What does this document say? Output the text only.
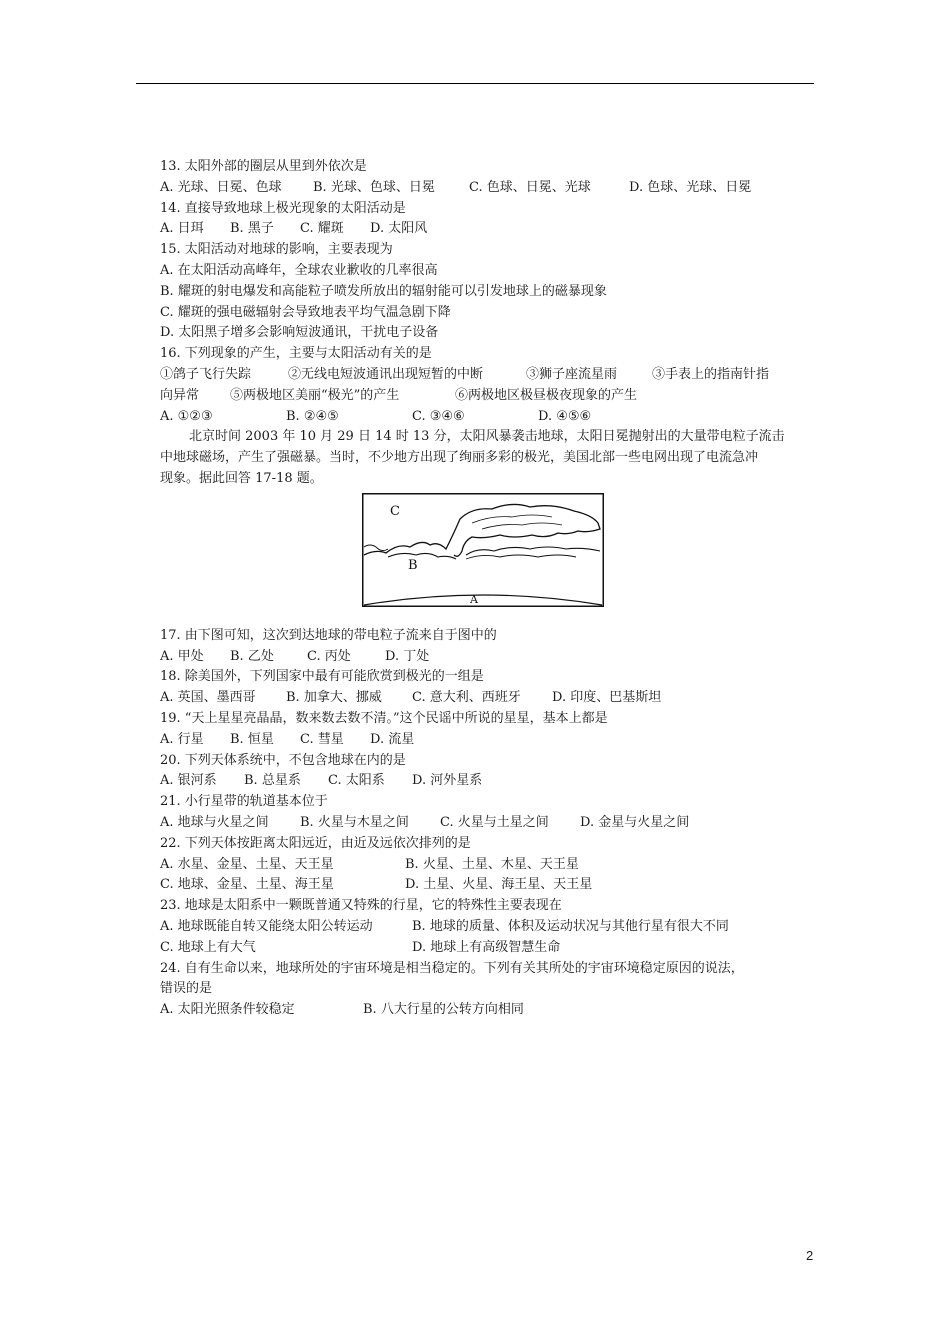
13. 太阳外部的圈层从里到外依次是
A. 光球、日冕、色球	B. 光球、色球、日冕	C. 色球、日冕、光球	D. 色球、光球、日冕
14. 直接导致地球上极光现象的太阳活动是
A. 日珥	B. 黑子	C. 耀斑	D. 太阳风
15. 太阳活动对地球的影响，主要表现为
A. 在太阳活动高峰年，全球农业歉收的几率很高
B. 耀斑的射电爆发和高能粒子喷发所放出的辐射能可以引发地球上的磁暴现象
C. 耀斑的强电磁辐射会导致地表平均气温急剧下降
D. 太阳黑子增多会影响短波通讯，干扰电子设备
16. 下列现象的产生，主要与太阳活动有关的是
①鸽子飞行失踪	②无线电短波通讯出现短暂的中断	③狮子座流星雨	③手表上的指南针指
向异常	⑤两极地区美丽“极光”的产生	⑥两极地区极昼极夜现象的产生
A. ①②③	B. ②④⑤	C. ③④⑥	D. ④⑤⑥
北京时间 2003 年 10 月 29 日 14 时 13 分，太阳风暴袭击地球，太阳日冕抛射出的大量带电粒子流击
中地球磁场，产生了强磁暴。当时，不少地方出现了绚丽多彩的极光，美国北部一些电网出现了电流急冲
现象。据此回答 17-18 题。
C
B
A
17. 由下图可知，这次到达地球的带电粒子流来自于图中的
A. 甲处	B. 乙处	C. 丙处	D. 丁处
18. 除美国外，下列国家中最有可能欣赏到极光的一组是
A. 英国、墨西哥	B. 加拿大、挪威	C. 意大利、西班牙	D. 印度、巴基斯坦
19. “天上星星亮晶晶，数来数去数不清。”这个民谣中所说的星星，基本上都是
A. 行星	B. 恒星	C. 彗星	D. 流星
20. 下列天体系统中，不包含地球在内的是
A. 银河系	B. 总星系	C. 太阳系	D. 河外星系
21. 小行星带的轨道基本位于
A. 地球与火星之间	B. 火星与木星之间	C. 火星与土星之间	D. 金星与火星之间
22. 下列天体按距离太阳远近，由近及远依次排列的是
A. 水星、金星、土星、天王星	B. 火星、土星、木星、天王星
C. 地球、金星、土星、海王星	D. 土星、火星、海王星、天王星
23. 地球是太阳系中一颗既普通又特殊的行星，它的特殊性主要表现在
A. 地球既能自转又能绕太阳公转运动	B. 地球的质量、体积及运动状况与其他行星有很大不同
C. 地球上有大气	D. 地球上有高级智慧生命
24. 自有生命以来，地球所处的宇宙环境是相当稳定的。下列有关其所处的宇宙环境稳定原因的说法，
错误的是
A. 太阳光照条件较稳定	B. 八大行星的公转方向相同
2
